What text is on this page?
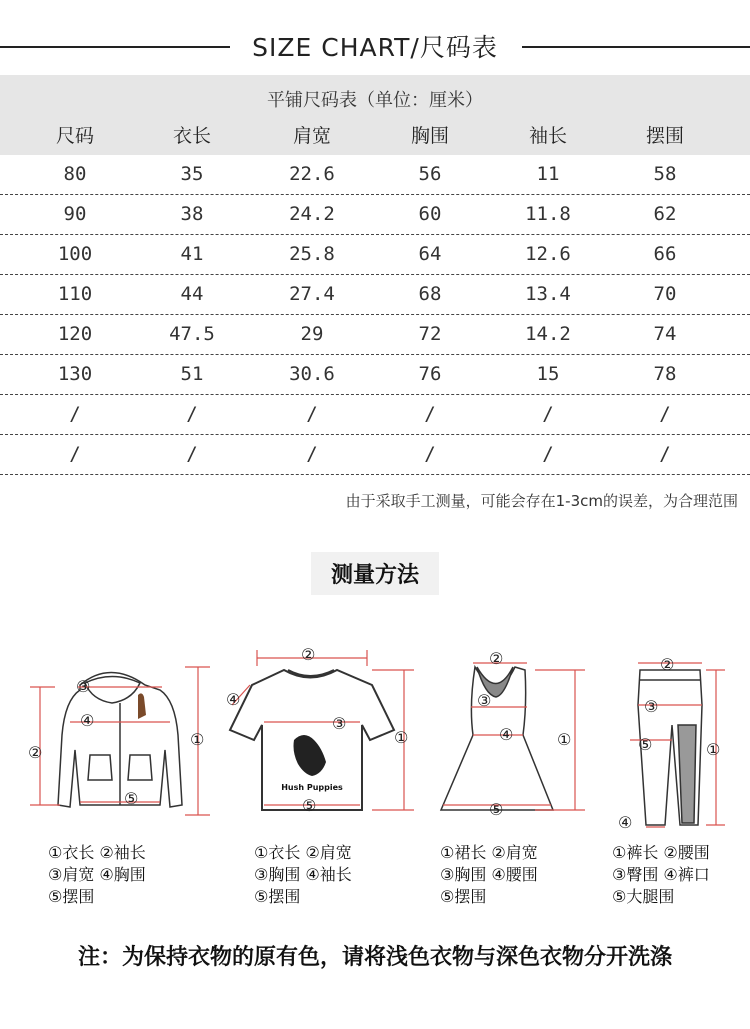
SIZE CHART/尺码表
平铺尺码表（单位：厘米）
尺码	衣长	肩宽	胸围	袖长	摆围
80	35	22.6	56	11	58
90	38	24.2	60	11.8	62
100	41	25.8	64	12.6	66
110	44	27.4	68	13.4	70
120	47.5	29	72	14.2	74
130	51	30.6	76	15	78
/	/	/	/	/	/
/	/	/	/	/	/
由于采取手工测量，可能会存在1-3cm的误差，为合理范围
测量方法
①
②
③
④
⑤
①衣长 ②袖长
③肩宽 ④胸围
⑤摆围
Hush Puppies
②
①
③
④
⑤
①衣长 ②肩宽
③胸围 ④袖长
⑤摆围
②
③
④	①
⑤
①裙长 ②肩宽
③胸围 ④腰围
⑤摆围
②
③
⑤	①
④
①裤长 ②腰围
③臀围 ④裤口
⑤大腿围
注：为保持衣物的原有色，请将浅色衣物与深色衣物分开洗涤
